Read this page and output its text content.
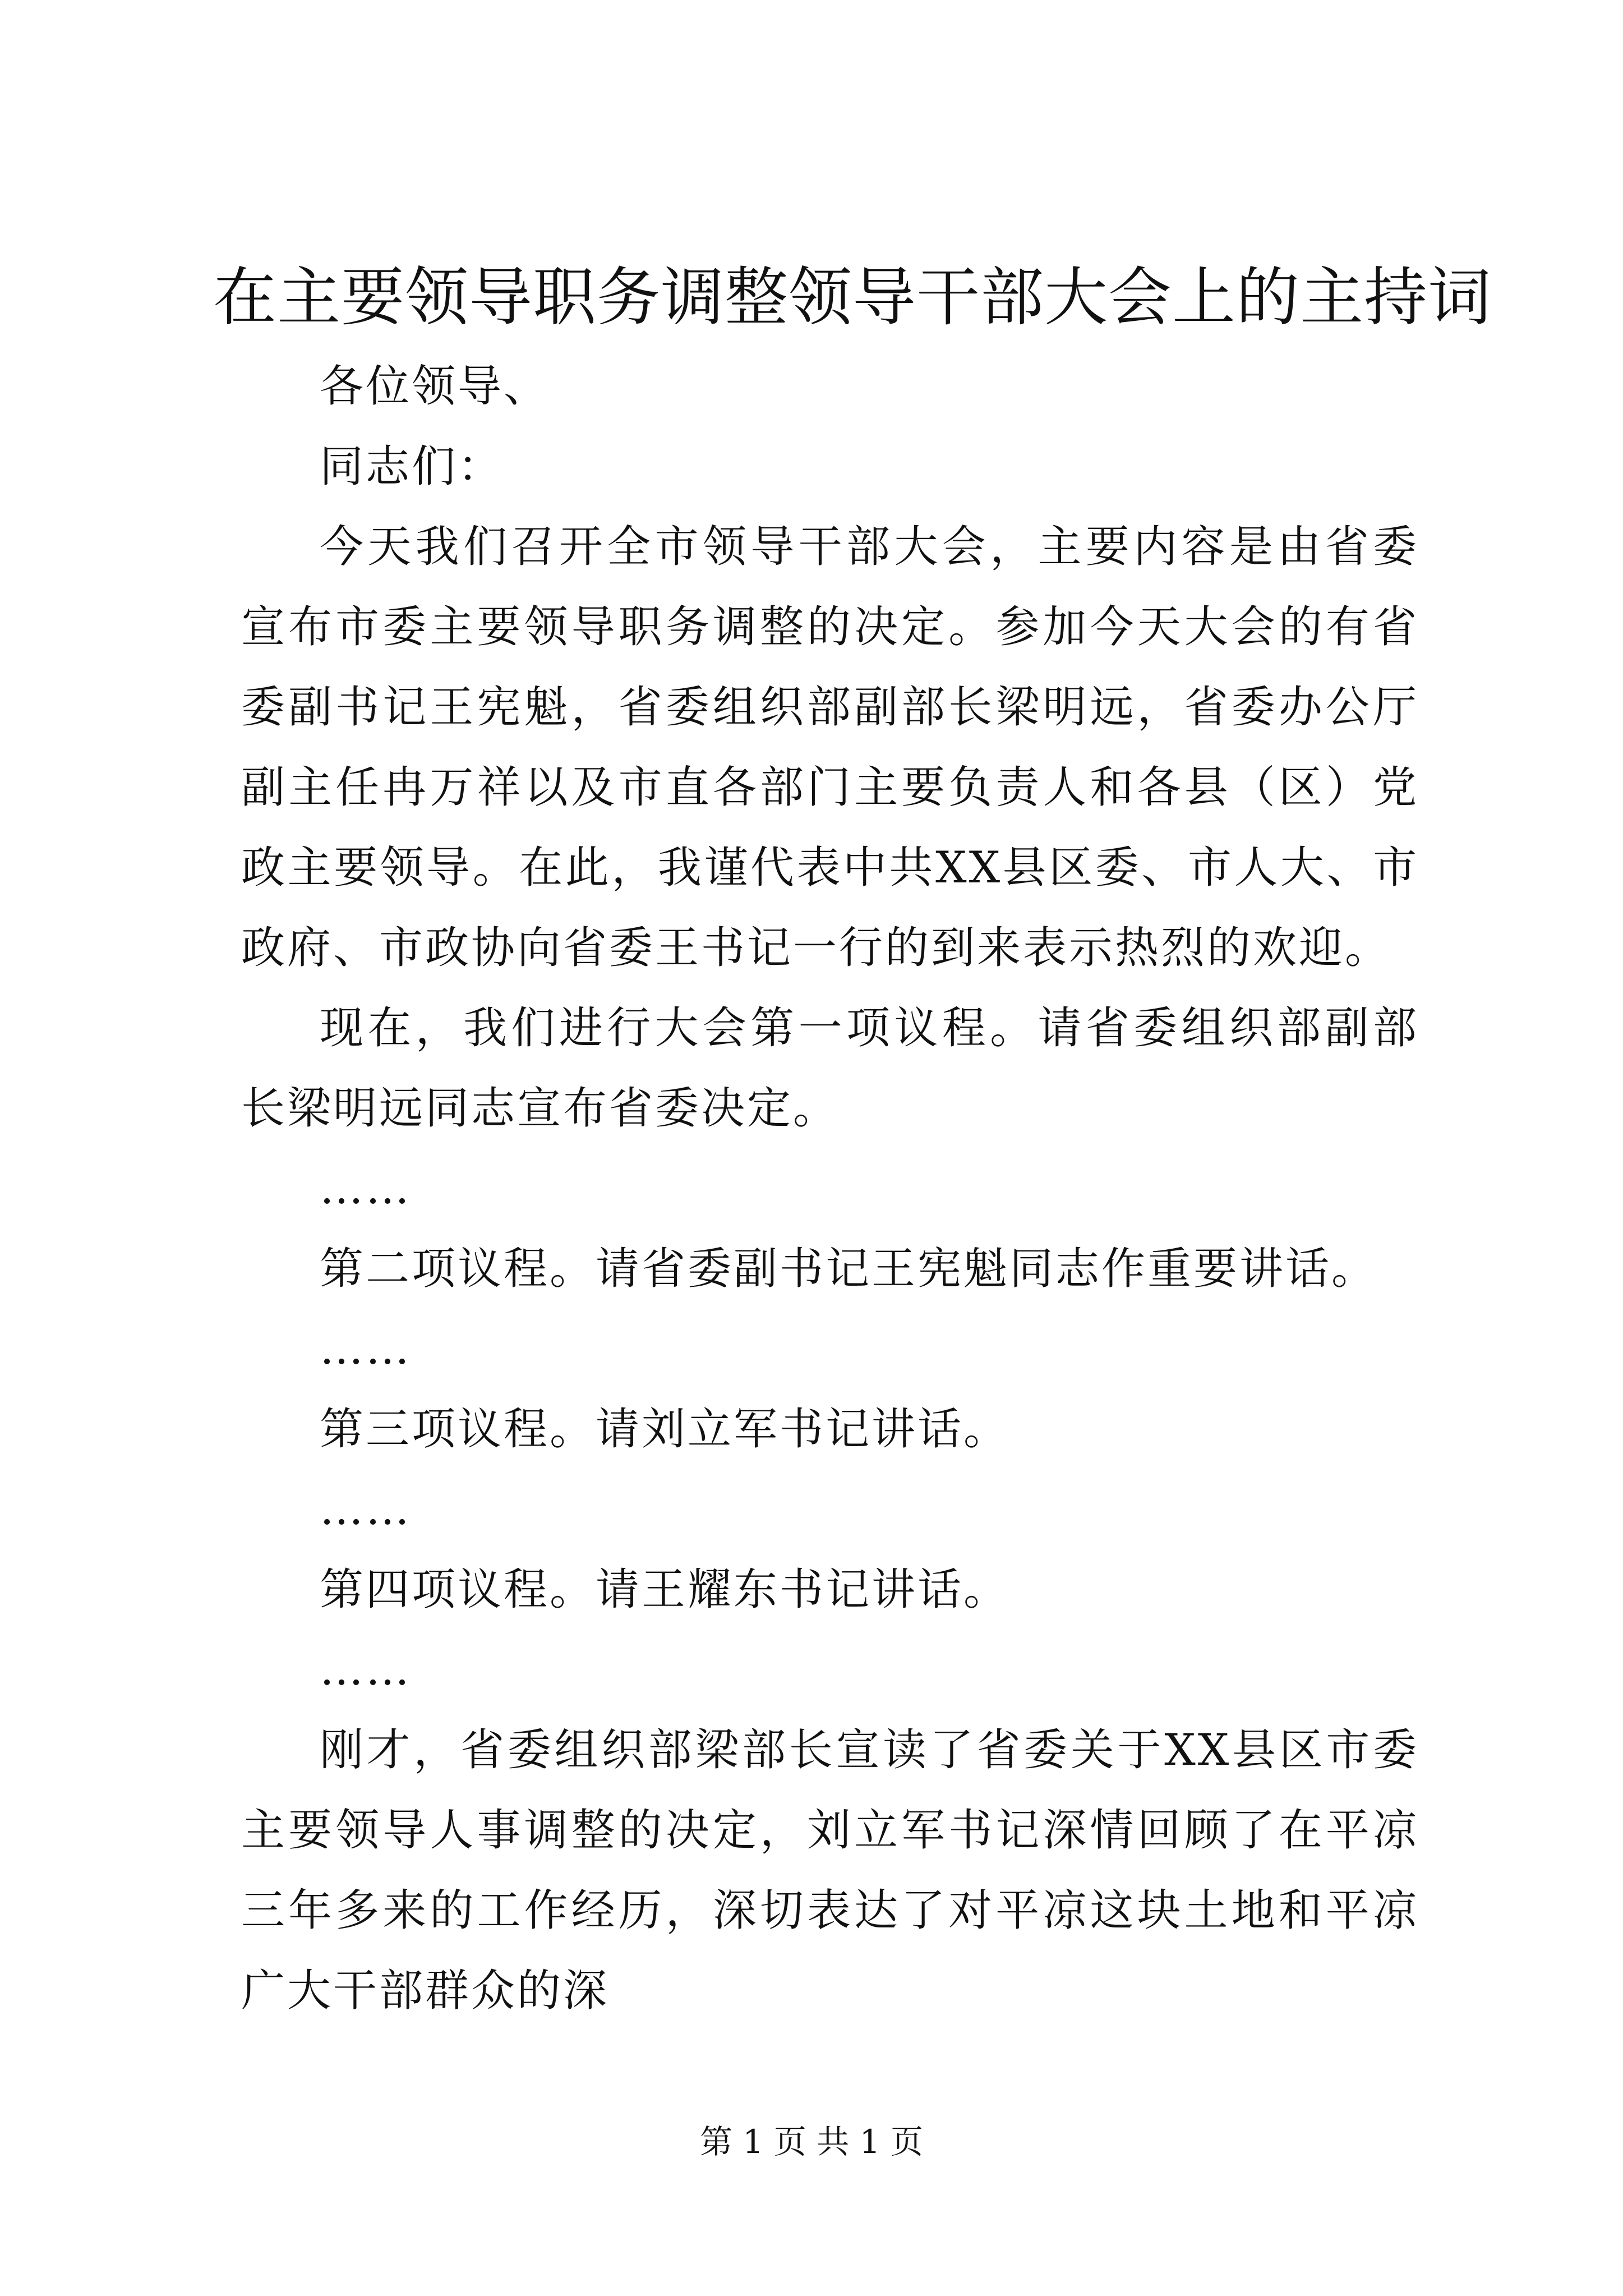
在主要领导职务调整领导干部大会上的主持词

各位领导、

同志们：

今天我们召开全市领导干部大会，主要内容是由省委宣布市委主要领导职务调整的决定。参加今天大会的有省委副书记王宪魁，省委组织部副部长梁明远，省委办公厅副主任冉万祥以及市直各部门主要负责人和各县（区）党政主要领导。在此，我谨代表中共XX县区委、市人大、市政府、市政协向省委王书记一行的到来表示热烈的欢迎。

现在，我们进行大会第一项议程。请省委组织部副部长梁明远同志宣布省委决定。

……

第二项议程。请省委副书记王宪魁同志作重要讲话。

……

第三项议程。请刘立军书记讲话。

……

第四项议程。请王耀东书记讲话。

……

刚才，省委组织部梁部长宣读了省委关于XX县区市委主要领导人事调整的决定，刘立军书记深情回顾了在平凉三年多来的工作经历，深切表达了对平凉这块土地和平凉广大干部群众的深

第 1 页 共 1 页
